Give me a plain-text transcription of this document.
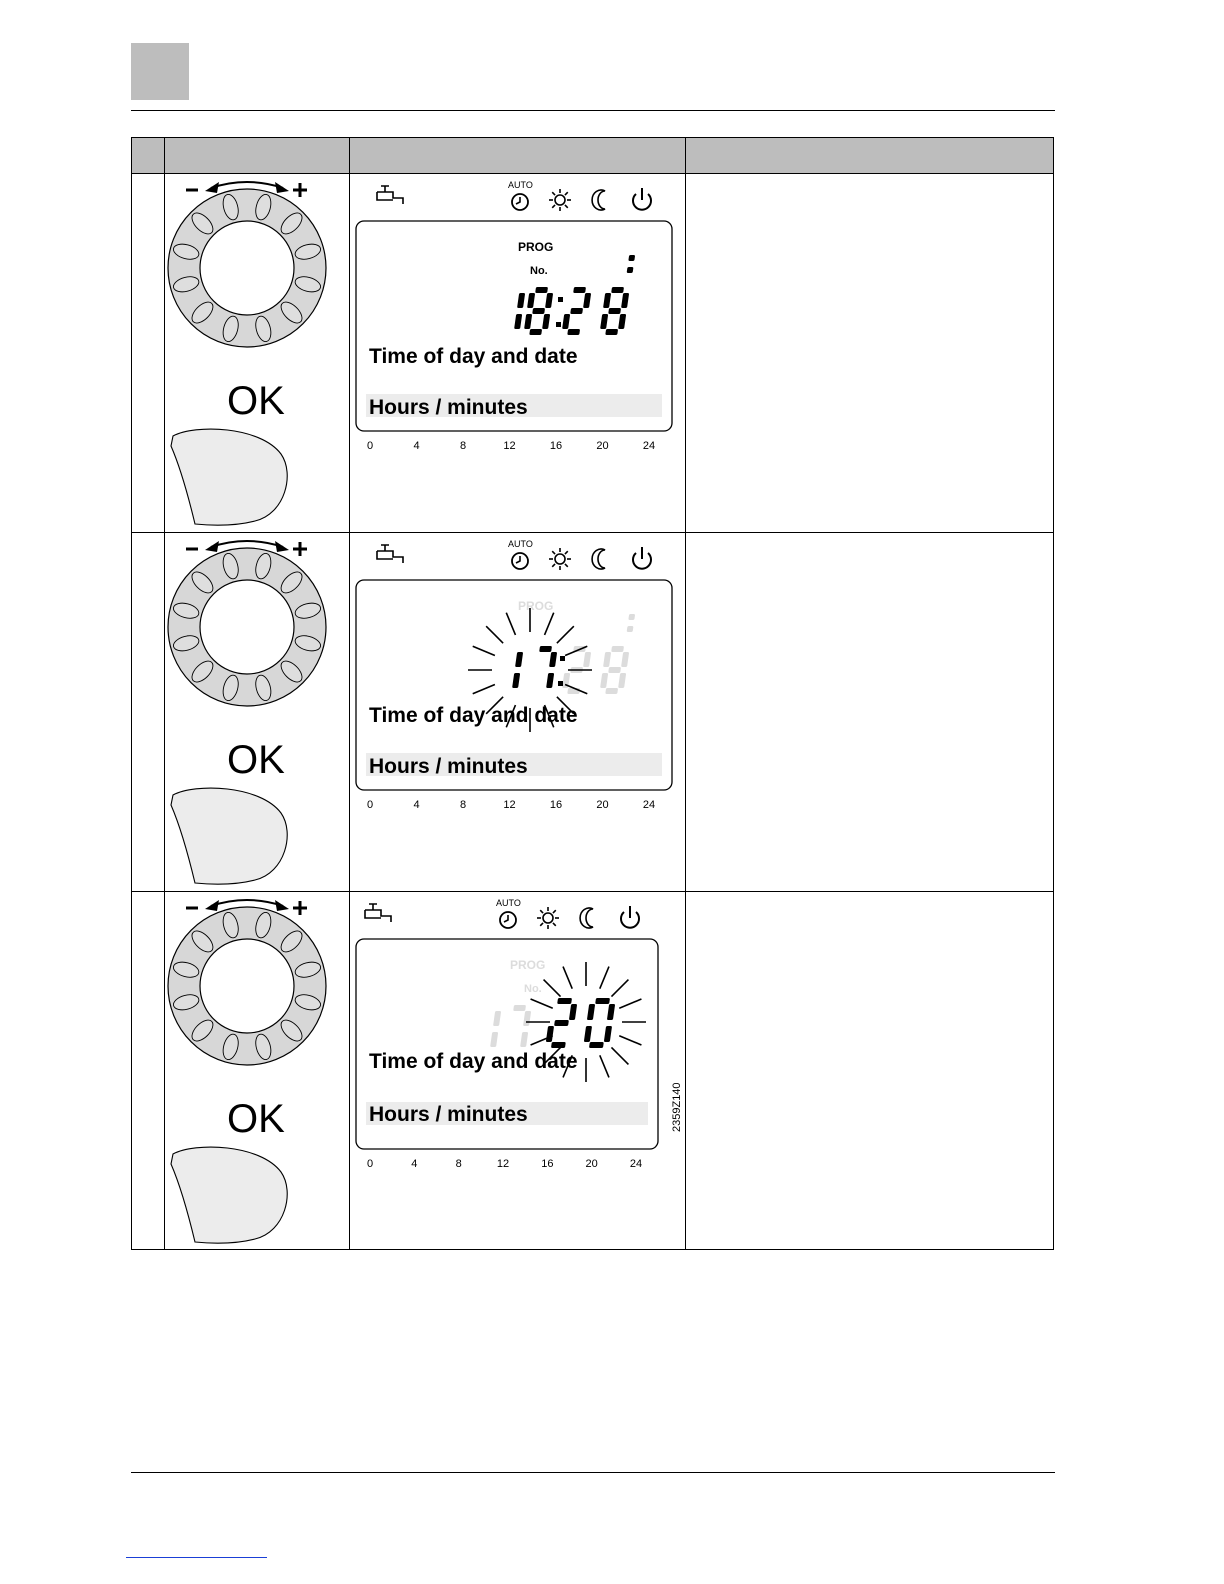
OK
AUTO
PROG
No.
Time of day and date
Hours / minutes
0	4	8	12	16	20	24
OK
AUTO
PROG
Time of day and date
Hours / minutes
0	4	8	12	16	20	24
OK
AUTO
PROG
No.
Time of day and date
Hours / minutes
0	4	8	12	16	20	24
2359Z140
